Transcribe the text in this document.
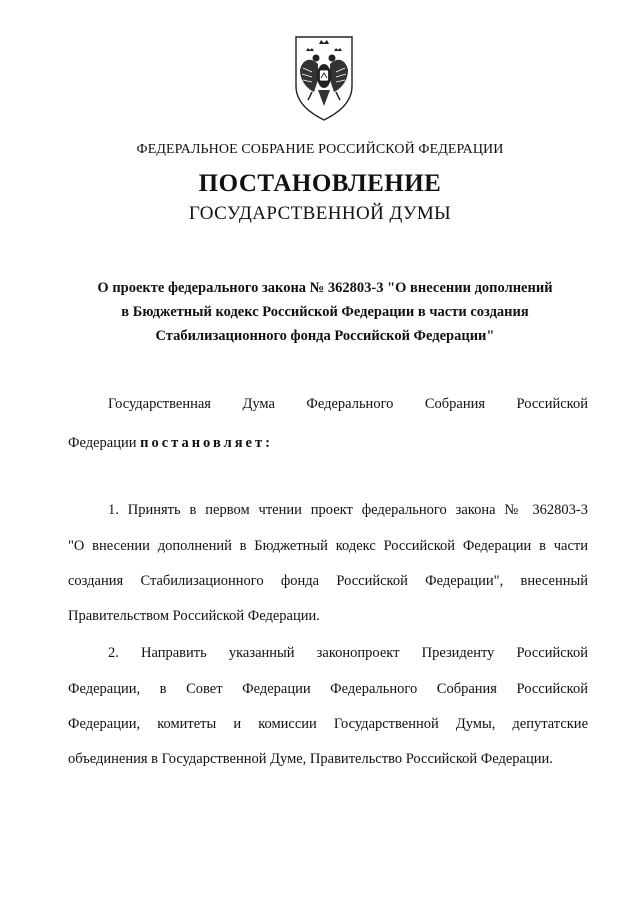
ФЕДЕРАЛЬНОЕ СОБРАНИЕ РОССИЙСКОЙ ФЕДЕРАЦИИ
ПОСТАНОВЛЕНИЕ
ГОСУДАРСТВЕННОЙ ДУМЫ
О проекте федерального закона № 362803-3 "О внесении дополнений
в Бюджетный кодекс Российской Федерации в части создания
Стабилизационного фонда Российской Федерации"
Государственная Дума Федерального Собрания Российской
Федерации постановляет:
1. Принять в первом чтении проект федерального закона № 362803-3
"О внесении дополнений в Бюджетный кодекс Российской Федерации в части
создания Стабилизационного фонда Российской Федерации", внесенный
Правительством Российской Федерации.
2. Направить указанный законопроект Президенту Российской
Федерации, в Совет Федерации Федерального Собрания Российской
Федерации, комитеты и комиссии Государственной Думы, депутатские
объединения в Государственной Думе, Правительство Российской Федерации.
